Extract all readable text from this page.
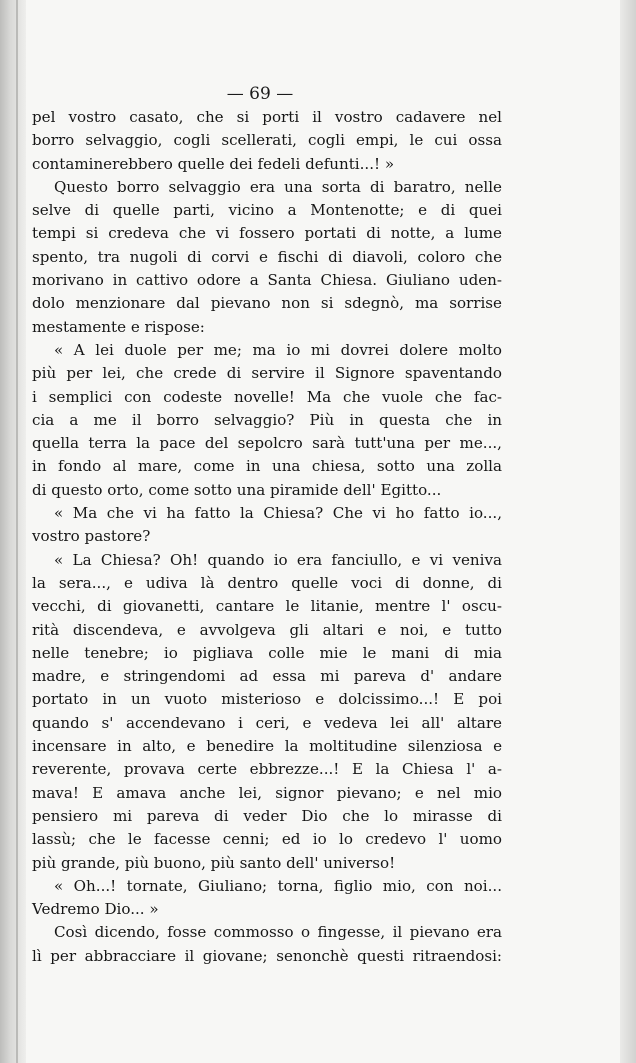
— 69 —
pel vostro casato, che si porti il vostro cadavere nel
borro selvaggio, cogli scellerati, cogli empi, le cui ossa
contaminerebbero quelle dei fedeli defunti...! »
Questo borro selvaggio era una sorta di baratro, nelle
selve di quelle parti, vicino a Montenotte; e di quei
tempi si credeva che vi fossero portati di notte, a lume
spento, tra nugoli di corvi e fischi di diavoli, coloro che
morivano in cattivo odore a Santa Chiesa. Giuliano uden-
dolo menzionare dal pievano non si sdegnò, ma sorrise
mestamente e rispose:
« A lei duole per me; ma io mi dovrei dolere molto
più per lei, che crede di servire il Signore spaventando
i semplici con codeste novelle! Ma che vuole che fac-
cia a me il borro selvaggio? Più in questa che in
quella terra la pace del sepolcro sarà tutt'una per me...,
in fondo al mare, come in una chiesa, sotto una zolla
di questo orto, come sotto una piramide dell' Egitto...
« Ma che vi ha fatto la Chiesa? Che vi ho fatto io...,
vostro pastore?
« La Chiesa? Oh! quando io era fanciullo, e vi veniva
la sera..., e udiva là dentro quelle voci di donne, di
vecchi, di giovanetti, cantare le litanie, mentre l' oscu-
rità discendeva, e avvolgeva gli altari e noi, e tutto
nelle tenebre; io pigliava colle mie le mani di mia
madre, e stringendomi ad essa mi pareva d' andare
portato in un vuoto misterioso e dolcissimo...! E poi
quando s' accendevano i ceri, e vedeva lei all' altare
incensare in alto, e benedire la moltitudine silenziosa e
reverente, provava certe ebbrezze...! E la Chiesa l' a-
mava! E amava anche lei, signor pievano; e nel mio
pensiero mi pareva di veder Dio che lo mirasse di
lassù; che le facesse cenni; ed io lo credevo l' uomo
più grande, più buono, più santo dell' universo!
« Oh...! tornate, Giuliano; torna, figlio mio, con noi...
Vedremo Dio... »
Così dicendo, fosse commosso o fingesse, il pievano era
lì per abbracciare il giovane; senonchè questi ritraendosi:
